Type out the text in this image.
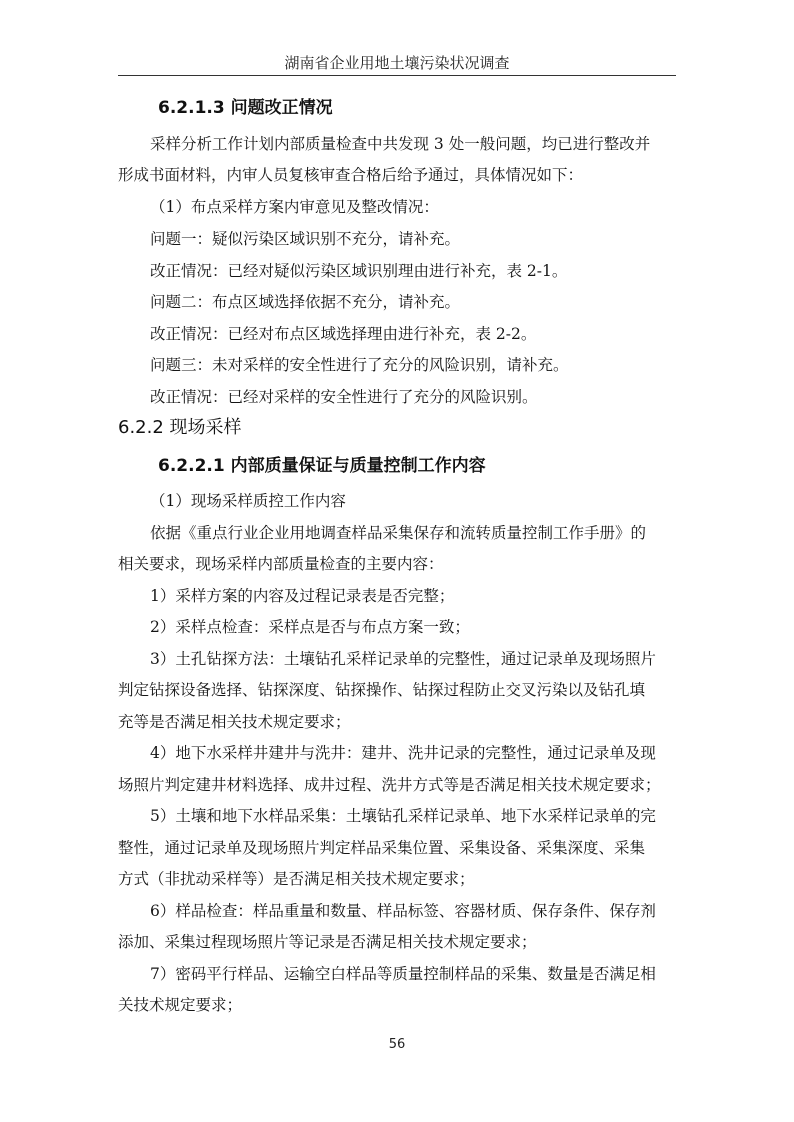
湖南省企业用地土壤污染状况调查
6.2.1.3 问题改正情况
采样分析工作计划内部质量检查中共发现 3 处一般问题，均已进行整改并
形成书面材料，内审人员复核审查合格后给予通过，具体情况如下：
（1）布点采样方案内审意见及整改情况：
问题一：疑似污染区域识别不充分，请补充。
改正情况：已经对疑似污染区域识别理由进行补充，表 2-1。
问题二：布点区域选择依据不充分，请补充。
改正情况：已经对布点区域选择理由进行补充，表 2-2。
问题三：未对采样的安全性进行了充分的风险识别，请补充。
改正情况：已经对采样的安全性进行了充分的风险识别。
6.2.2 现场采样
6.2.2.1 内部质量保证与质量控制工作内容
（1）现场采样质控工作内容
依据《重点行业企业用地调查样品采集保存和流转质量控制工作手册》的
相关要求，现场采样内部质量检查的主要内容：
1）采样方案的内容及过程记录表是否完整；
2）采样点检查：采样点是否与布点方案一致；
3）土孔钻探方法：土壤钻孔采样记录单的完整性，通过记录单及现场照片
判定钻探设备选择、钻探深度、钻探操作、钻探过程防止交叉污染以及钻孔填
充等是否满足相关技术规定要求；
4）地下水采样井建井与洗井：建井、洗井记录的完整性，通过记录单及现
场照片判定建井材料选择、成井过程、洗井方式等是否满足相关技术规定要求；
5）土壤和地下水样品采集：土壤钻孔采样记录单、地下水采样记录单的完
整性，通过记录单及现场照片判定样品采集位置、采集设备、采集深度、采集
方式（非扰动采样等）是否满足相关技术规定要求；
6）样品检查：样品重量和数量、样品标签、容器材质、保存条件、保存剂
添加、采集过程现场照片等记录是否满足相关技术规定要求；
7）密码平行样品、运输空白样品等质量控制样品的采集、数量是否满足相
关技术规定要求；
56
